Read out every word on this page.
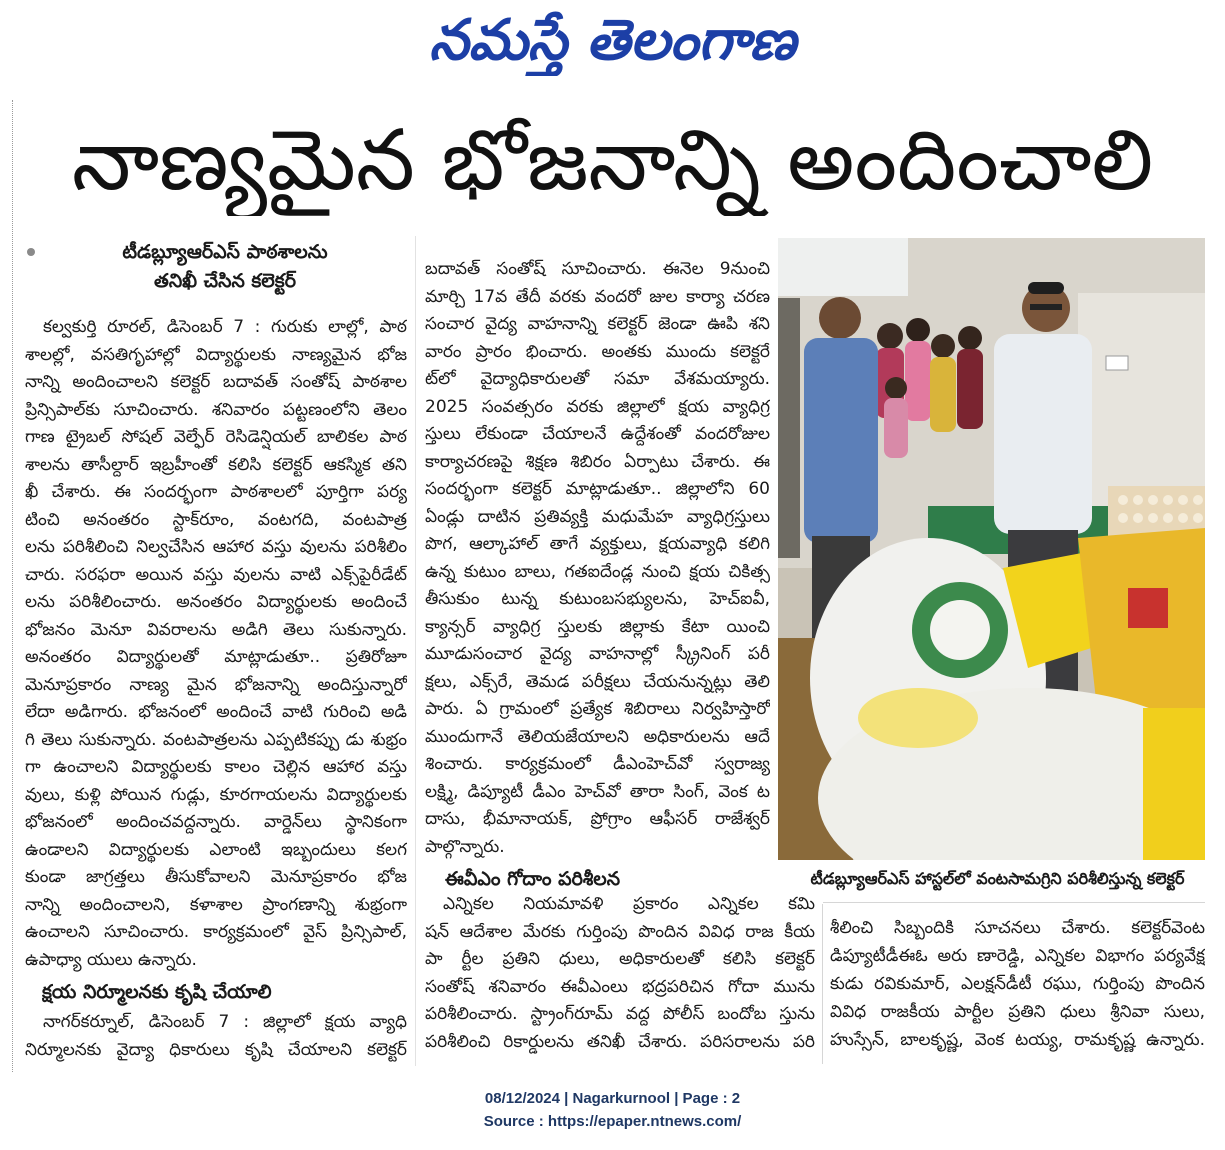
నమస్తే తెలంగాణ
నాణ్యమైన భోజనాన్ని అందించాలి
టీడబ్ల్యూఆర్ఎస్ పాఠశాలను
తనిఖీ చేసిన కలెక్టర్
కల్వకుర్తి రూరల్, డిసెంబర్ 7 : గురుకు లాల్లో, పాఠ
శాలల్లో, వసతిగృహాల్లో విద్యార్థులకు నాణ్యమైన భోజ
నాన్ని అందించాలని కలెక్టర్ బదావత్ సంతోష్ పాఠశాల
ప్రిన్సిపాల్‌కు సూచించారు. శనివారం పట్టణంలోని తెలం
గాణ ట్రైబల్ సోషల్ వెల్ఫేర్ రెసిడెన్షియల్ బాలికల పాఠ
శాలను తాసీల్దార్ ఇబ్రహీంతో కలిసి కలెక్టర్ ఆకస్మిక తని
ఖీ చేశారు. ఈ సందర్భంగా పాఠశాలలో పూర్తిగా పర్య
టించి అనంతరం స్టాక్‌రూం, వంటగది, వంటపాత్ర
లను పరిశీలించి నిల్వచేసిన ఆహార వస్తు వులను పరిశీలిం
చారు. సరఫరా అయిన వస్తు వులను వాటి ఎక్స్‌పైరీడేట్
లను పరిశీలించారు. అనంతరం విద్యార్థులకు అందించే
భోజనం మెనూ వివరాలను అడిగి తెలు సుకున్నారు.
అనంతరం విద్యార్థులతో మాట్లాడుతూ.. ప్రతిరోజూ
మెనూప్రకారం నాణ్య మైన భోజనాన్ని అందిస్తున్నారో
లేదా అడిగారు. భోజనంలో అందించే వాటి గురించి అడి
గి తెలు సుకున్నారు. వంటపాత్రలను ఎప్పటికప్పు డు శుభ్రం
గా ఉంచాలని విద్యార్థులకు కాలం చెల్లిన ఆహార వస్తు
వులు, కుళ్లి పోయిన గుడ్లు, కూరగాయలను విద్యార్థులకు
భోజనంలో అందించవద్దన్నారు. వార్డెన్‌లు స్థానికంగా
ఉండాలని విద్యార్థులకు ఎలాంటి ఇబ్బందులు కలగ
కుండా జాగ్రత్తలు తీసుకోవాలని మెనూప్రకారం భోజ
నాన్ని అందించాలని, కళాశాల ప్రాంగణాన్ని శుభ్రంగా
ఉంచాలని సూచించారు. కార్యక్రమంలో వైస్ ప్రిన్సిపాల్,
ఉపాధ్యా యులు ఉన్నారు.
క్షయ నిర్మూలనకు కృషి చేయాలి
నాగర్‌కర్నూల్, డిసెంబర్ 7 : జిల్లాలో క్షయ వ్యాధి
నిర్మూలనకు వైద్యా ధికారులు కృషి చేయాలని కలెక్టర్
బదావత్ సంతోష్ సూచించారు. ఈనెల 9నుంచి
మార్చి 17వ తేదీ వరకు వందరో జుల కార్యా చరణ
సంచార వైద్య వాహనాన్ని కలెక్టర్ జెండా ఊపి శని
వారం ప్రారం భించారు. అంతకు ముందు కలెక్టరే
ట్‌లో వైద్యాధికారులతో సమా వేశమయ్యారు.
2025 సంవత్సరం వరకు జిల్లాలో క్షయ వ్యాధిగ్ర
స్తులు లేకుండా చేయాలనే ఉద్దేశంతో వందరోజుల
కార్యాచరణపై శిక్షణ శిబిరం ఏర్పాటు చేశారు. ఈ
సందర్భంగా కలెక్టర్ మాట్లాడుతూ.. జిల్లాలోని 60
ఏండ్లు దాటిన ప్రతివ్యక్తి మధుమేహ వ్యాధిగ్రస్తులు
పొగ, ఆల్కాహాల్ తాగే వ్యక్తులు, క్షయవ్యాధి కలిగి
ఉన్న కుటుం బాలు, గతఐదేండ్ల నుంచి క్షయ చికిత్స
తీసుకుం టున్న కుటుంబసభ్యులను, హెచ్ఐవీ,
క్యాన్సర్ వ్యాధిగ్ర స్తులకు జిల్లాకు కేటా యించి
మూడుసంచార వైద్య వాహనాల్లో స్క్రీనింగ్ పరీ
క్షలు, ఎక్స్‌రే, తెమడ పరీక్షలు చేయనున్నట్లు తెలి
పారు. ఏ గ్రామంలో ప్రత్యేక శిబిరాలు నిర్వహిస్తారో
ముందుగానే తెలియజేయాలని అధికారులను ఆదే
శించారు. కార్యక్రమంలో డీఎంహెచ్‌వో స్వరాజ్య
లక్ష్మి, డిప్యూటీ డీఎం హెచ్‌వో తారా సింగ్, వెంక ట
దాసు, భీమానాయక్, ప్రోగ్రాం ఆఫీసర్ రాజేశ్వర్
పాల్గొన్నారు.
ఈవీఎం గోదాం పరిశీలన
ఎన్నికల నియమావళి ప్రకారం ఎన్నికల కమి
షన్ ఆదేశాల మేరకు గుర్తింపు పొందిన వివిధ రాజ కీయ
పా ర్టీల ప్రతిని ధులు, అధికారులతో కలిసి కలెక్టర్
సంతోష్ శనివారం ఈవీఎంలు భద్రపరిచిన గోదా మును
పరిశీలించారు. స్ట్రాంగ్‌రూమ్ వద్ద పోలీస్ బందోబ స్తును
పరిశీలించి రికార్డులను తనిఖీ చేశారు. పరిసరాలను పరి
టీడబ్ల్యూఆర్ఎస్ హాస్టల్‌లో వంటసామగ్రిని పరిశీలిస్తున్న కలెక్టర్
శీలించి సిబ్బందికి సూచనలు చేశారు. కలెక్టర్‌వెంట
డిప్యూటీడీఈఓ అరు ణారెడ్డి, ఎన్నికల విభాగం పర్యవేక్ష
కుడు రవికుమార్, ఎలక్షన్‌డీటీ రఘు, గుర్తింపు పొందిన
వివిధ రాజకీయ పార్టీల ప్రతిని ధులు శ్రీనివా సులు,
హుస్సేన్, బాలకృష్ణ, వెంక టయ్య, రామకృష్ణ ఉన్నారు.
08/12/2024 | Nagarkurnool | Page : 2
Source : https://epaper.ntnews.com/
